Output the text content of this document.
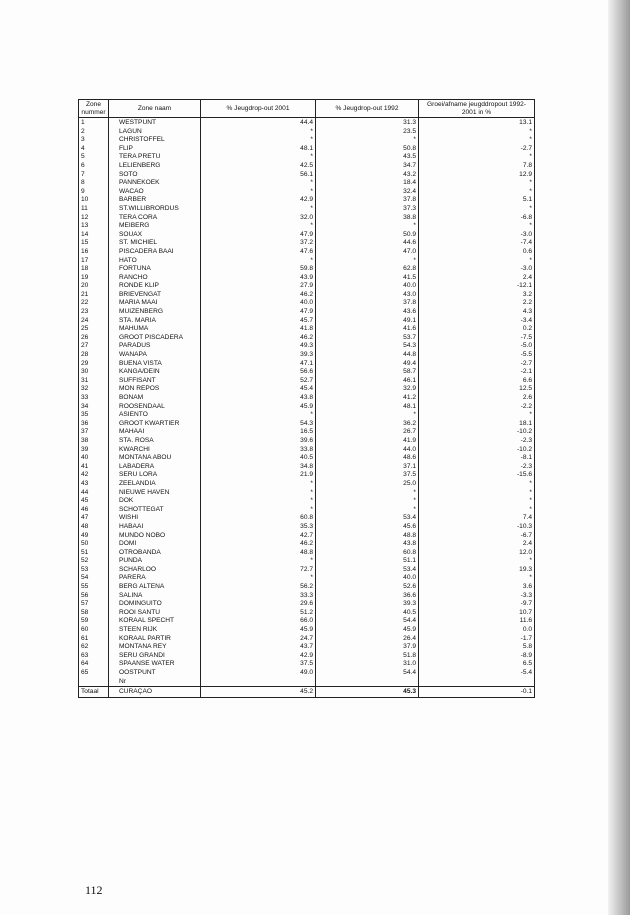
Zone nummer	Zone naam	% Jeugdrop-out 2001	% Jeugdrop-out 1992	Groei/afname jeugddropout 1992-2001 in %
1	WESTPUNT	44.4	31.3	13.1
2	LAGUN	*	23.5	*
3	CHRISTOFFEL	*	*	*
4	FLIP	48.1	50.8	-2.7
5	TERA PRETU	*	43.5	*
6	LELIENBERG	42.5	34.7	7.8
7	SOTO	56.1	43.2	12.9
8	PANNEKOEK	*	18.4	*
9	WACAO	*	32.4	*
10	BARBER	42.9	37.8	5.1
11	ST.WILLIBRORDUS	*	37.3	*
12	TERA CORA	32.0	38.8	-6.8
13	MEIBERG	*	*	*
14	SOUAX	47.9	50.9	-3.0
15	ST. MICHIEL	37.2	44.6	-7.4
16	PISCADERA BAAI	47.6	47.0	0.6
17	HATO	*	*	*
18	FORTUNA	59.8	62.8	-3.0
19	RANCHO	43.9	41.5	2.4
20	RONDE KLIP	27.9	40.0	-12.1
21	BRIEVENGAT	46.2	43.0	3.2
22	MARIA MAAI	40.0	37.8	2.2
23	MUIZENBERG	47.9	43.6	4.3
24	STA. MARIA	45.7	49.1	-3.4
25	MAHUMA	41.8	41.6	0.2
26	GROOT PISCADERA	46.2	53.7	-7.5
27	PARADUS	49.3	54.3	-5.0
28	WANAPA	39.3	44.8	-5.5
29	BUENA VISTA	47.1	49.4	-2.7
30	KANGA/DEIN	56.6	58.7	-2.1
31	SUFFISANT	52.7	46.1	6.6
32	MON REPOS	45.4	32.9	12.5
33	BONAM	43.8	41.2	2.6
34	ROOSENDAAL	45.9	48.1	-2.2
35	ASIENTO	*	*	*
36	GROOT KWARTIER	54.3	36.2	18.1
37	MAHAAI	16.5	26.7	-10.2
38	STA. ROSA	39.6	41.9	-2.3
39	KWARCHI	33.8	44.0	-10.2
40	MONTANA ABOU	40.5	48.6	-8.1
41	LABADERA	34.8	37.1	-2.3
42	SERU LORA	21.9	37.5	-15.6
43	ZEELANDIA	*	25.0	*
44	NIEUWE HAVEN	*	*	*
45	DOK	*	*	*
46	SCHOTTEGAT	*	*	*
47	WISHI	60.8	53.4	7.4
48	HABAAI	35.3	45.6	-10.3
49	MUNDO NOBO	42.7	48.8	-6.7
50	DOMI	46.2	43.8	2.4
51	OTROBANDA	48.8	60.8	12.0
52	PUNDA	*	51.1	*
53	SCHARLOO	72.7	53.4	19.3
54	PARERA	*	40.0	*
55	BERG ALTENA	56.2	52.6	3.6
56	SALINA	33.3	36.6	-3.3
57	DOMINGUITO	29.6	39.3	-9.7
58	ROOI SANTU	51.2	40.5	10.7
59	KORAAL SPECHT	66.0	54.4	11.6
60	STEEN RIJK	45.9	45.9	0.0
61	KORAAL PARTIR	24.7	26.4	-1.7
62	MONTANA REY	43.7	37.9	5.8
63	SERU GRANDI	42.9	51.8	-8.9
64	SPAANSE WATER	37.5	31.0	6.5
65	OOSTPUNT	49.0	54.4	-5.4
	Nr			
Totaal	CURAÇAO	45.2	45.3	-0.1
112
